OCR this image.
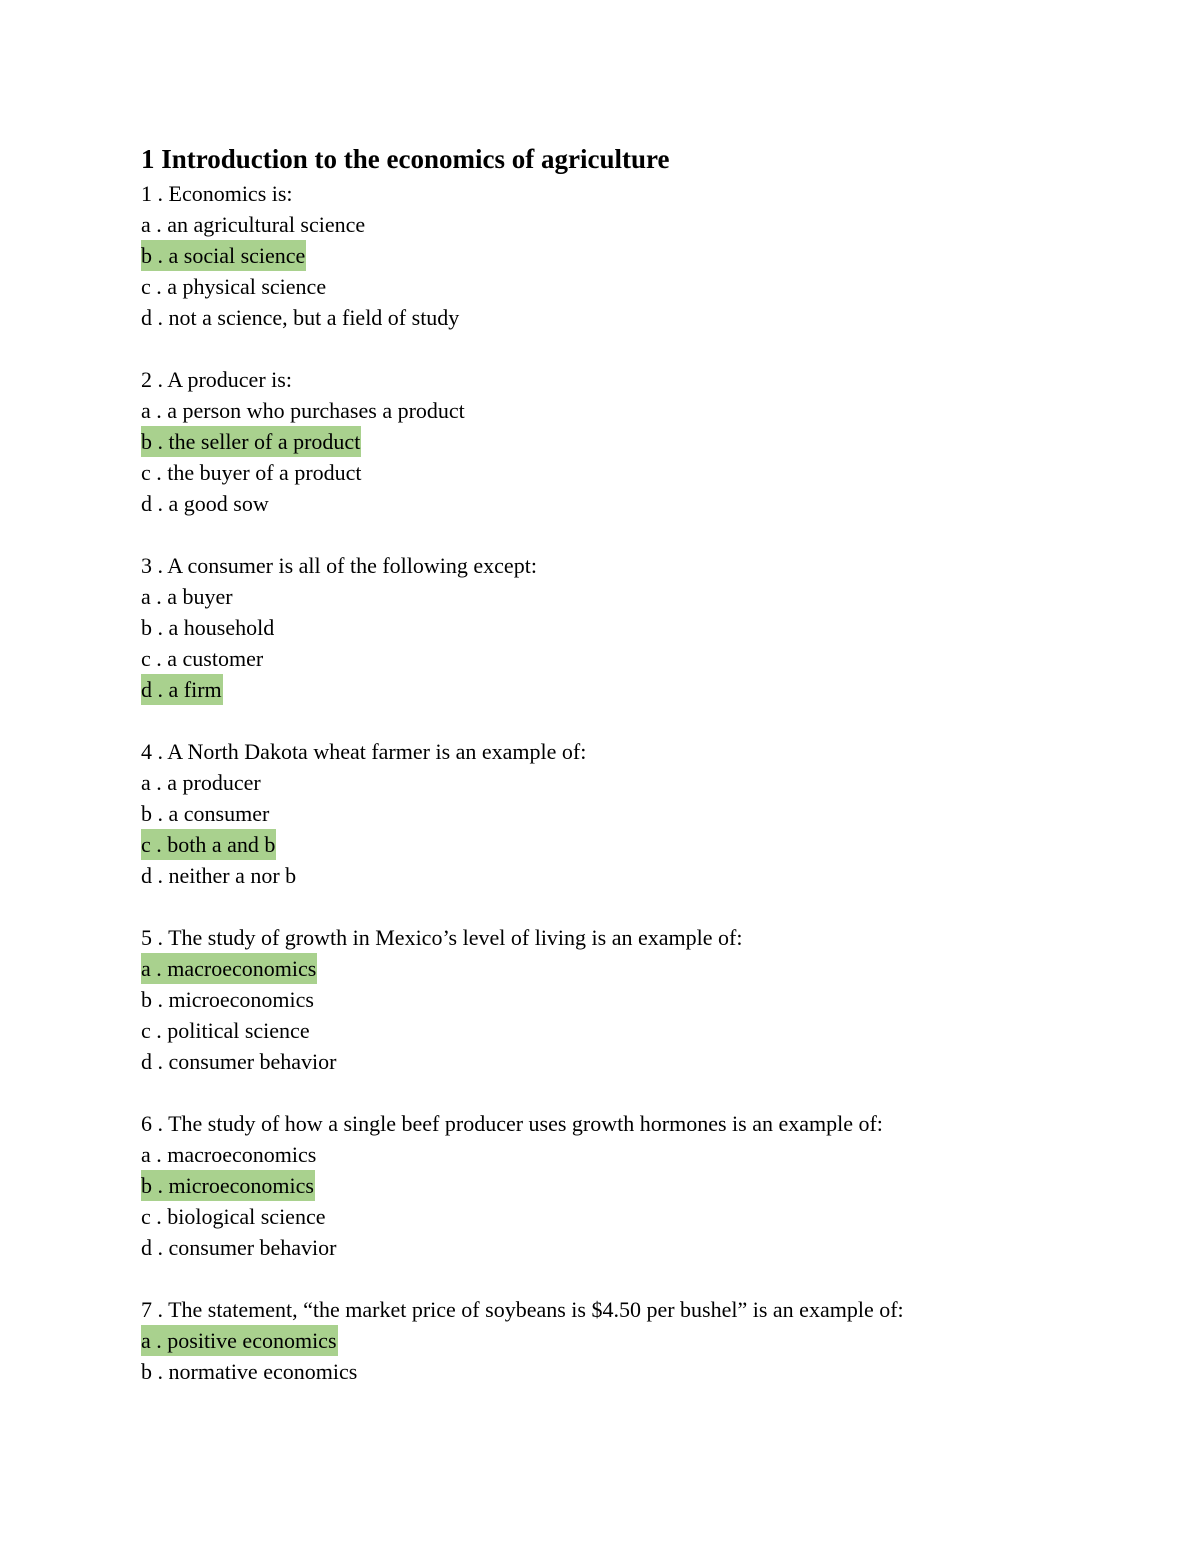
1 Introduction to the economics of agriculture
1 . Economics is:
a . an agricultural science
b . a social science
c . a physical science
d . not a science, but a field of study
2 . A producer is:
a . a person who purchases a product
b . the seller of a product
c . the buyer of a product
d . a good sow
3 . A consumer is all of the following except:
a . a buyer
b . a household
c . a customer
d . a firm
4 . A North Dakota wheat farmer is an example of:
a . a producer
b . a consumer
c . both a and b
d . neither a nor b
5 . The study of growth in Mexico’s level of living is an example of:
a . macroeconomics
b . microeconomics
c . political science
d . consumer behavior
6 . The study of how a single beef producer uses growth hormones is an example of:
a . macroeconomics
b . microeconomics
c . biological science
d . consumer behavior
7 . The statement, “the market price of soybeans is $4.50 per bushel” is an example of:
a . positive economics
b . normative economics
